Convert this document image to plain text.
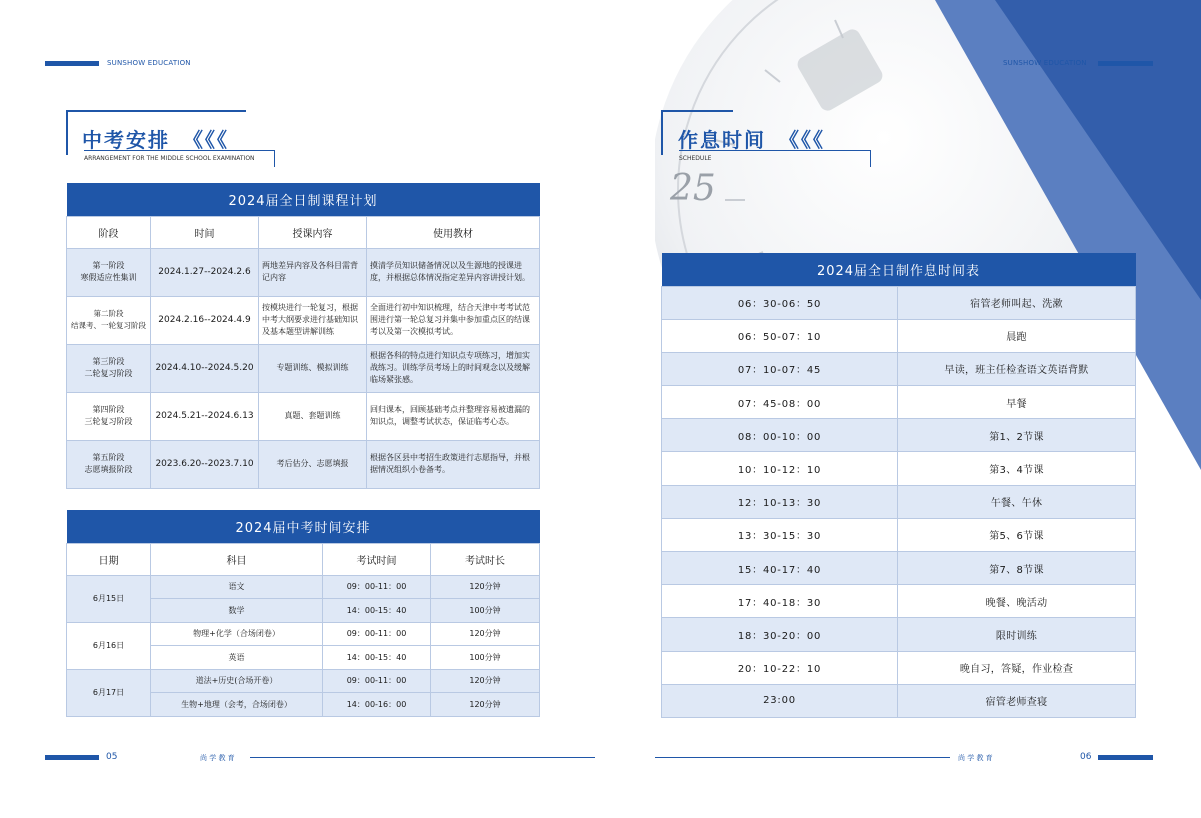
25
SUNSHOW EDUCATION
中考安排 《《《
ARRANGEMENT FOR THE MIDDLE SCHOOL EXAMINATION
2024届全日制课程计划			
阶段	时间	授课内容	使用教材
第一阶段
寒假适应性集训	2024.1.27--2024.2.6	两地差异内容及各科目需背记内容	摸清学员知识储备情况以及生源地的授课进度，并根据总体情况指定差异内容讲授计划。
第二阶段
结课考、一轮复习阶段	2024.2.16--2024.4.9	按模块进行一轮复习，根据中考大纲要求进行基础知识及基本题型讲解训练	全面进行初中知识梳理，结合天津中考考试范围进行第一轮总复习并集中参加重点区的结课考以及第一次模拟考试。
第三阶段
二轮复习阶段	2024.4.10--2024.5.20	专题训练、模拟训练	根据各科的特点进行知识点专项练习，增加实战练习。训练学员考场上的时间观念以及缓解临场紧张感。
第四阶段
三轮复习阶段	2024.5.21--2024.6.13	真题、套题训练	回归课本，回顾基础考点并整理容易被遗漏的知识点，调整考试状态，保证临考心态。
第五阶段
志愿填报阶段	2023.6.20--2023.7.10	考后估分、志愿填报	根据各区县中考招生政策进行志愿指导，并根据情况组织小卷备考。
2024届中考时间安排			
日期	科目	考试时间	考试时长
6月15日	语文	09：00-11：00	120分钟
	数学	14：00-15：40	100分钟
6月16日	物理+化学（合场闭卷）	09：00-11：00	120分钟
	英语	14：00-15：40	100分钟
6月17日	道法+历史(合场开卷）	09：00-11：00	120分钟
	生物+地理（会考，合场闭卷）	14：00-16：00	120分钟
05	尚 学 教 育
SUNSHOW EDUCATION
作息时间 《《《
SCHEDULE
2024届全日制作息时间表	
06：30-06：50	宿管老师叫起、洗漱
06：50-07：10	晨跑
07：10-07：45	早读，班主任检查语文英语背默
07：45-08：00	早餐
08：00-10：00	第1、2节课
10：10-12：10	第3、4节课
12：10-13：30	午餐、午休
13：30-15：30	第5、6节课
15：40-17：40	第7、8节课
17：40-18：30	晚餐、晚活动
18：30-20：00	限时训练
20：10-22：10	晚自习，答疑，作业检查
23:00	宿管老师查寝
尚 学 教 育	06
